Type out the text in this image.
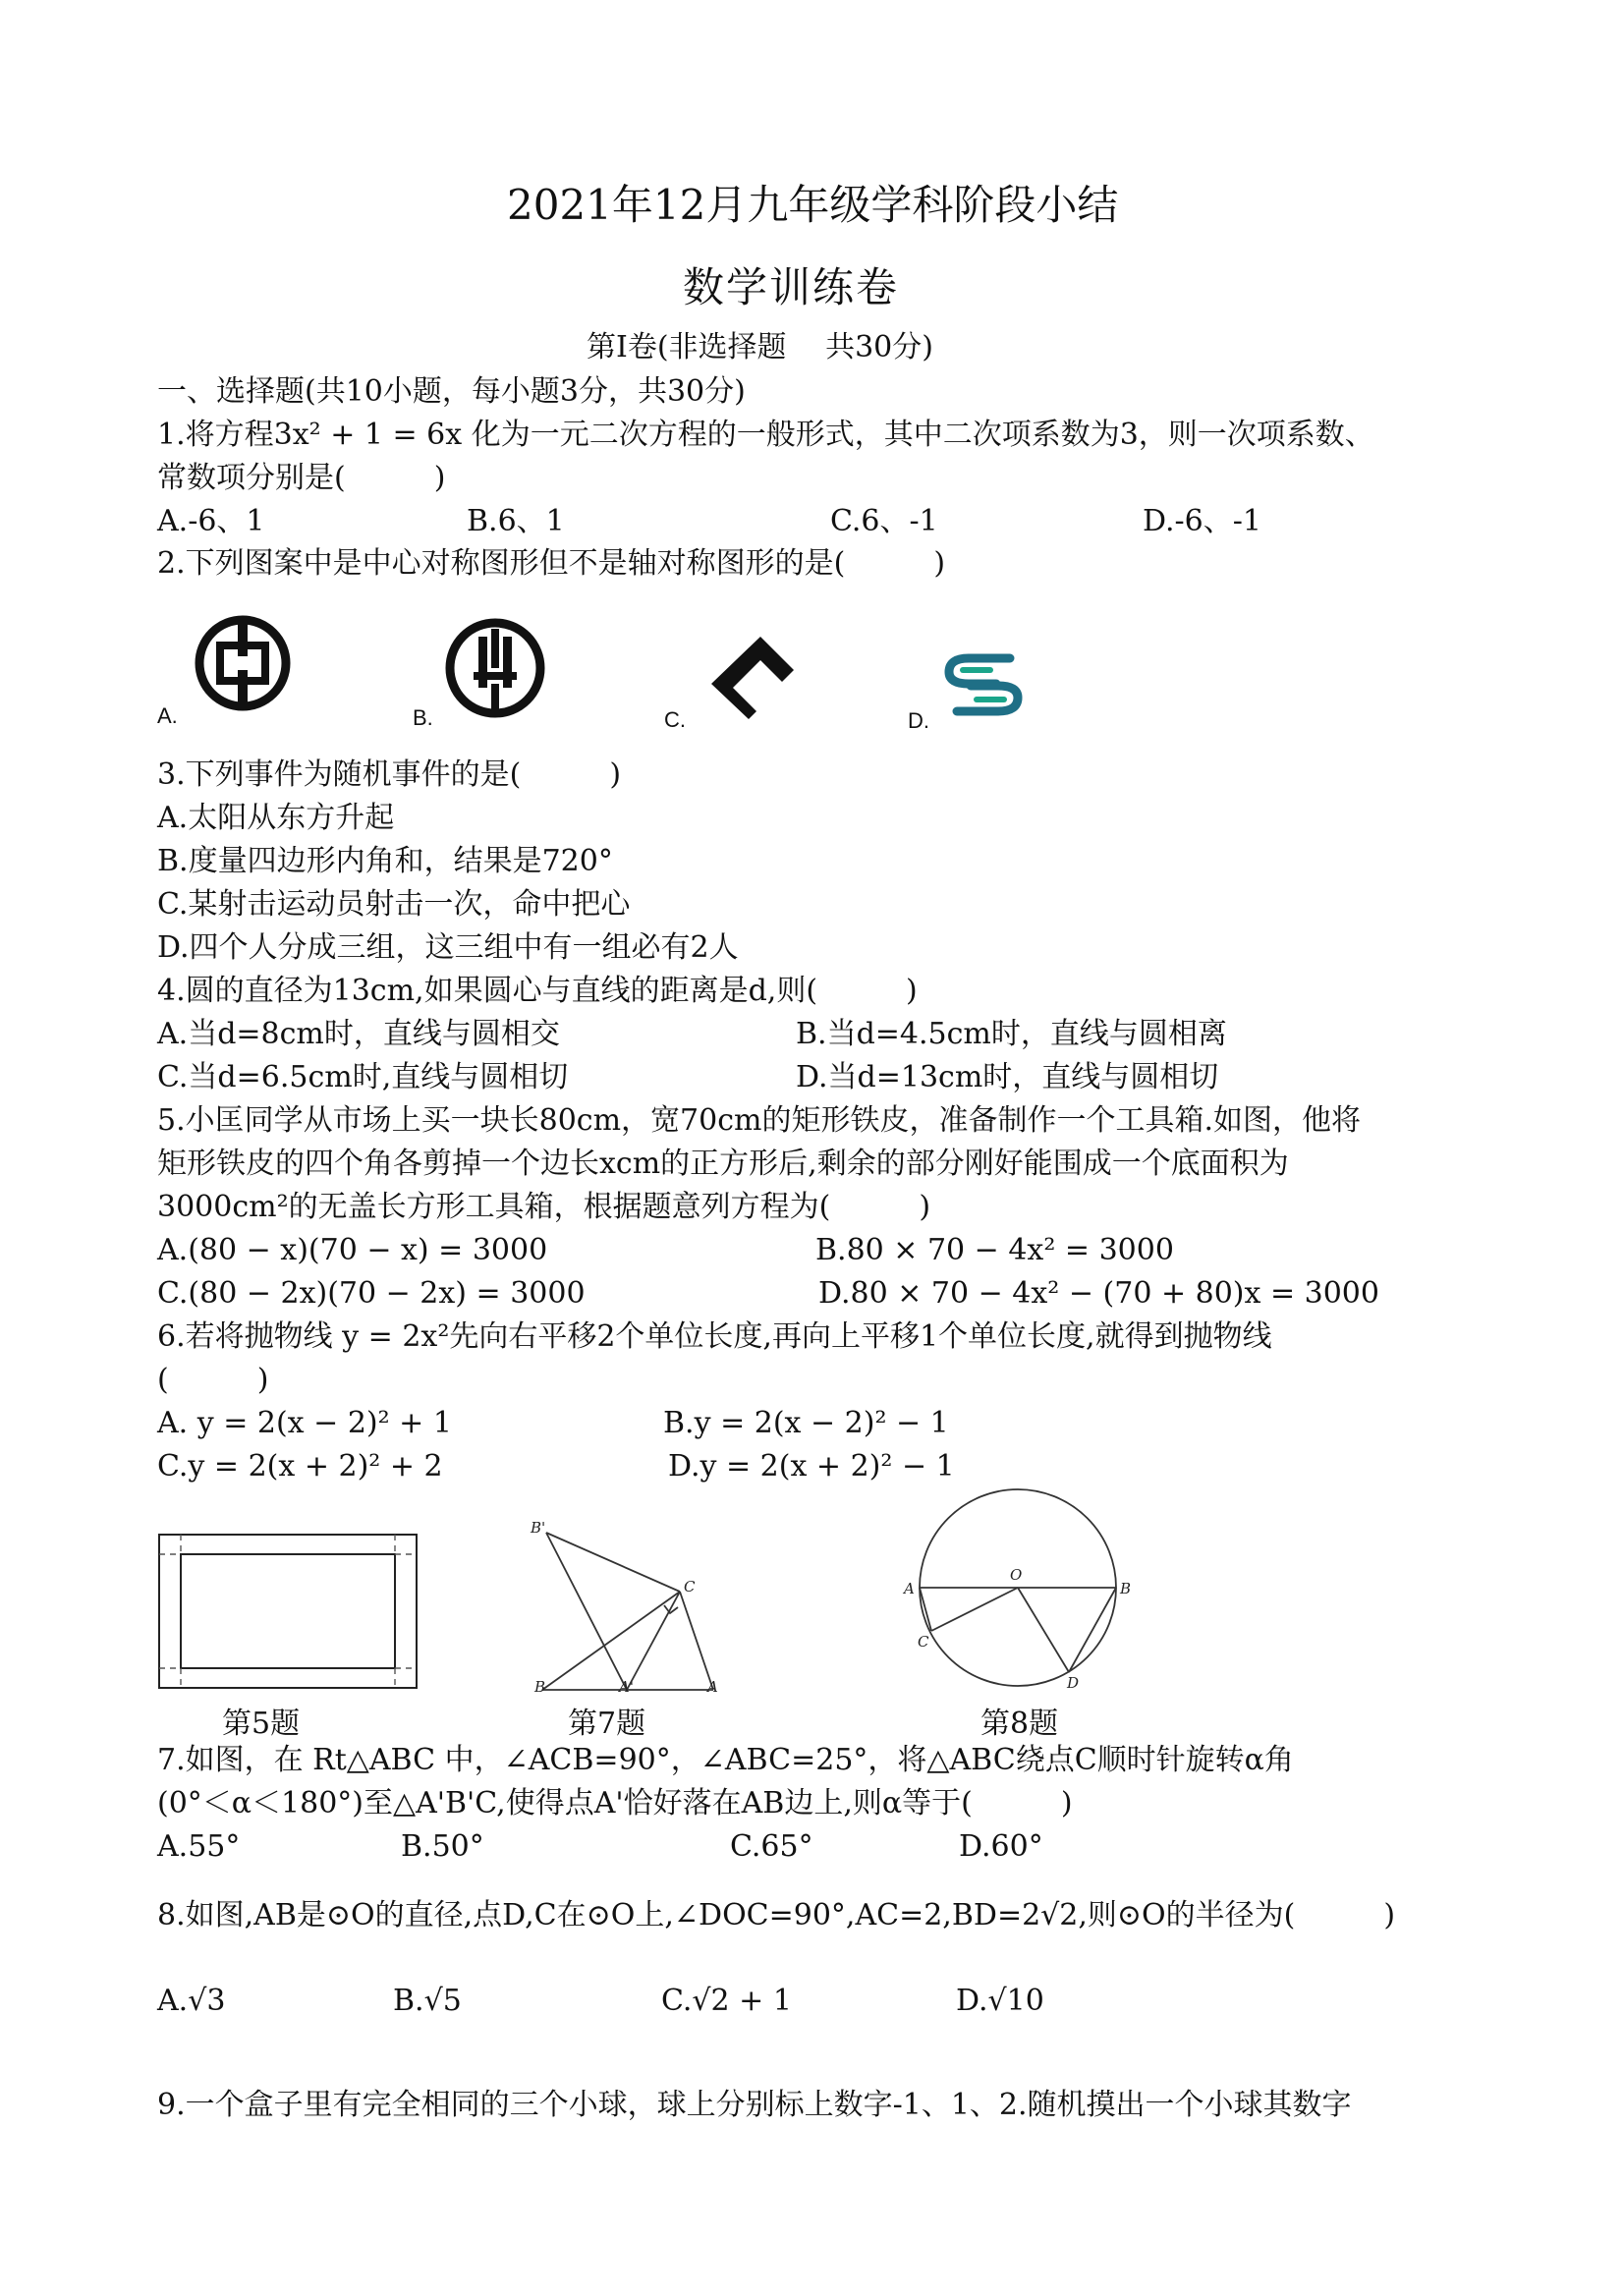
2021年12月九年级学科阶段小结
数学训练卷
第Ⅰ卷(非选择题　 共30分)
一、选择题(共10小题，每小题3分，共30分)
1.将方程3x² + 1 = 6x 化为一元二次方程的一般形式，其中二次项系数为3，则一次项系数、
常数项分别是(　　　)
A.-6、1	B.6、1	C.6、-1	D.-6、-1
2.下列图案中是中心对称图形但不是轴对称图形的是(　　　)
A.	B.	C.	D.
3.下列事件为随机事件的是(　　　)
A.太阳从东方升起
B.度量四边形内角和，结果是720°
C.某射击运动员射击一次，命中把心
D.四个人分成三组，这三组中有一组必有2人
4.圆的直径为13cm,如果圆心与直线的距离是d,则(　　　)
A.当d=8cm时，直线与圆相交	B.当d=4.5cm时，直线与圆相离
C.当d=6.5cm时,直线与圆相切	D.当d=13cm时，直线与圆相切
5.小匡同学从市场上买一块长80cm，宽70cm的矩形铁皮，准备制作一个工具箱.如图，他将
矩形铁皮的四个角各剪掉一个边长xcm的正方形后,剩余的部分刚好能围成一个底面积为
3000cm²的无盖长方形工具箱，根据题意列方程为(　　　)
A.(80 − x)(70 − x) = 3000	B.80 × 70 − 4x² = 3000
C.(80 − 2x)(70 − 2x) = 3000	D.80 × 70 − 4x² − (70 + 80)x = 3000
6.若将抛物线 y = 2x²先向右平移2个单位长度,再向上平移1个单位长度,就得到抛物线
(　　　)
A. y = 2(x − 2)² + 1	B.y = 2(x − 2)² − 1
C.y = 2(x + 2)² + 2	D.y = 2(x + 2)² − 1
第5题
B'
C
B	A'	A
第7题
A
O
B
C
D
第8题
7.如图，在 Rt△ABC 中，∠ACB=90°，∠ABC=25°，将△ABC绕点C顺时针旋转α角
(0°＜α＜180°)至△A'B'C,使得点A'恰好落在AB边上,则α等于(　　　)
A.55°	B.50°	C.65°	D.60°
8.如图,AB是⊙O的直径,点D,C在⊙O上,∠DOC=90°,AC=2,BD=2√2,则⊙O的半径为(　　　)
A.√3	B.√5	C.√2 + 1	D.√10
9.一个盒子里有完全相同的三个小球，球上分别标上数字-1、1、2.随机摸出一个小球其数字
